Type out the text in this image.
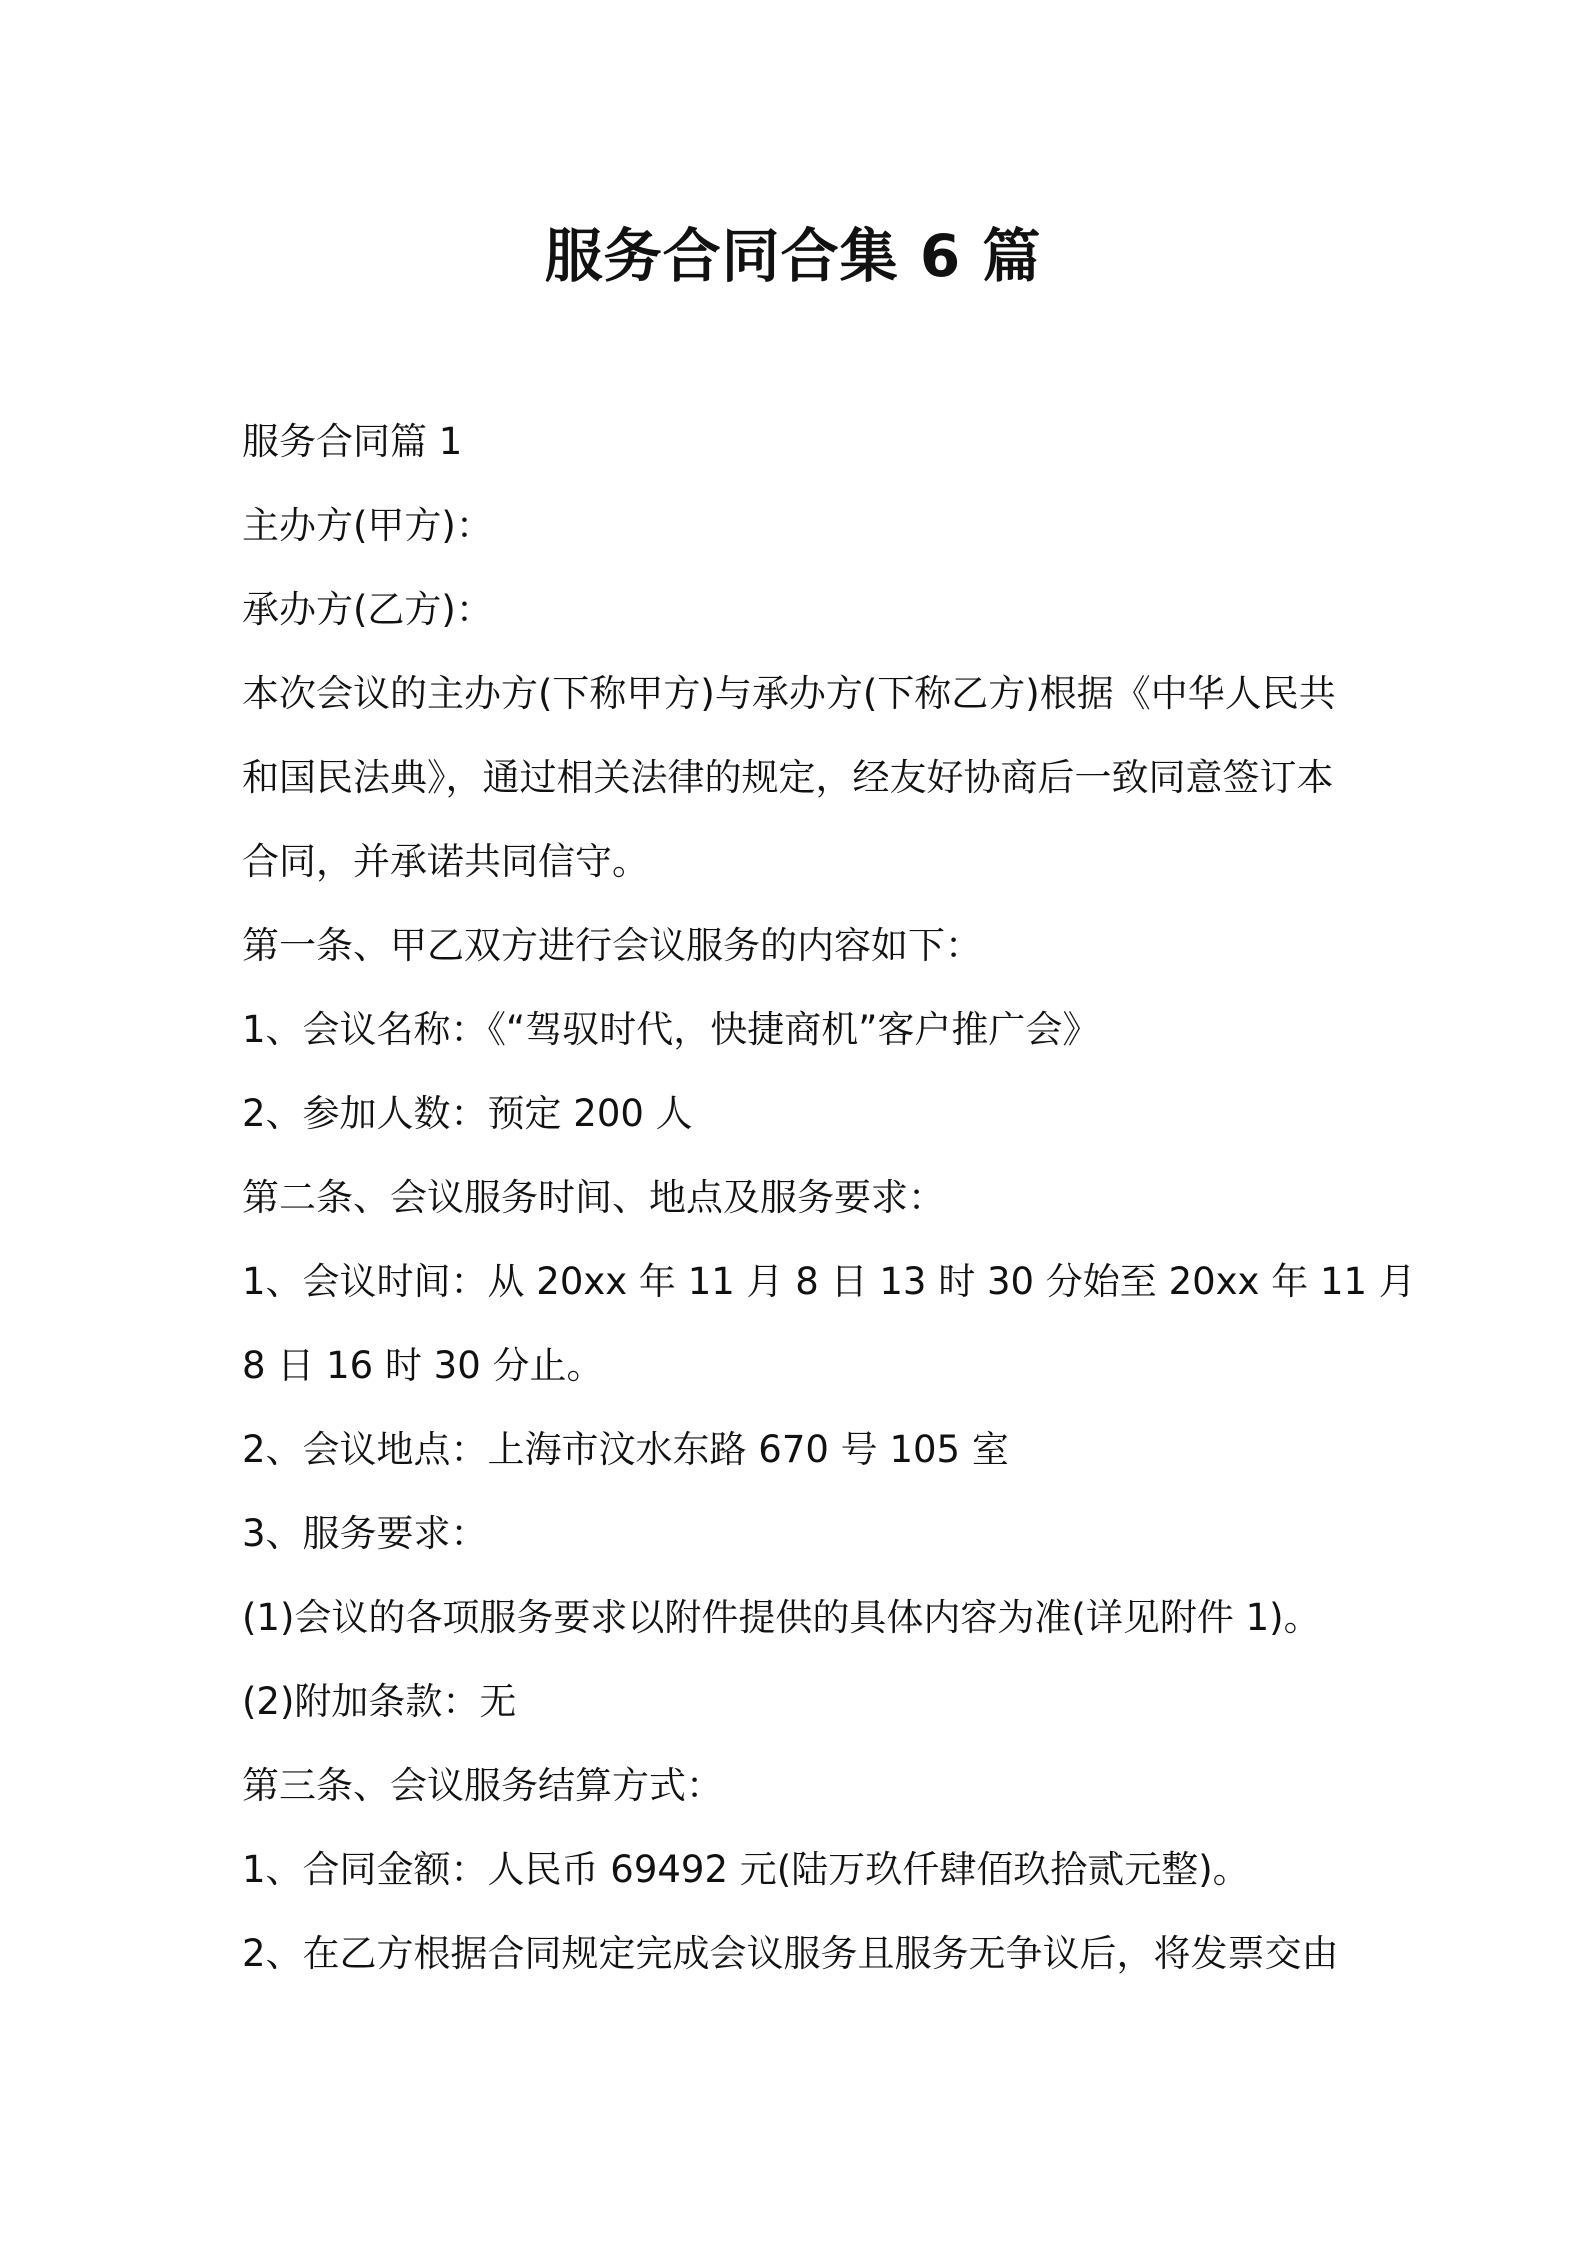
服务合同合集 6 篇
服务合同篇 1
主办方(甲方)：
承办方(乙方)：
本次会议的主办方(下称甲方)与承办方(下称乙方)根据《中华人民共
和国民法典》，通过相关法律的规定，经友好协商后一致同意签订本
合同，并承诺共同信守。
第一条、甲乙双方进行会议服务的内容如下：
1、会议名称：《“驾驭时代，快捷商机”客户推广会》
2、参加人数：预定 200 人
第二条、会议服务时间、地点及服务要求：
1、会议时间：从 20xx 年 11 月 8 日 13 时 30 分始至 20xx 年 11 月
8 日 16 时 30 分止。
2、会议地点：上海市汶水东路 670 号 105 室
3、服务要求：
(1)会议的各项服务要求以附件提供的具体内容为准(详见附件 1)。
(2)附加条款：无
第三条、会议服务结算方式：
1、合同金额：人民币 69492 元(陆万玖仟肆佰玖拾贰元整)。
2、在乙方根据合同规定完成会议服务且服务无争议后，将发票交由
